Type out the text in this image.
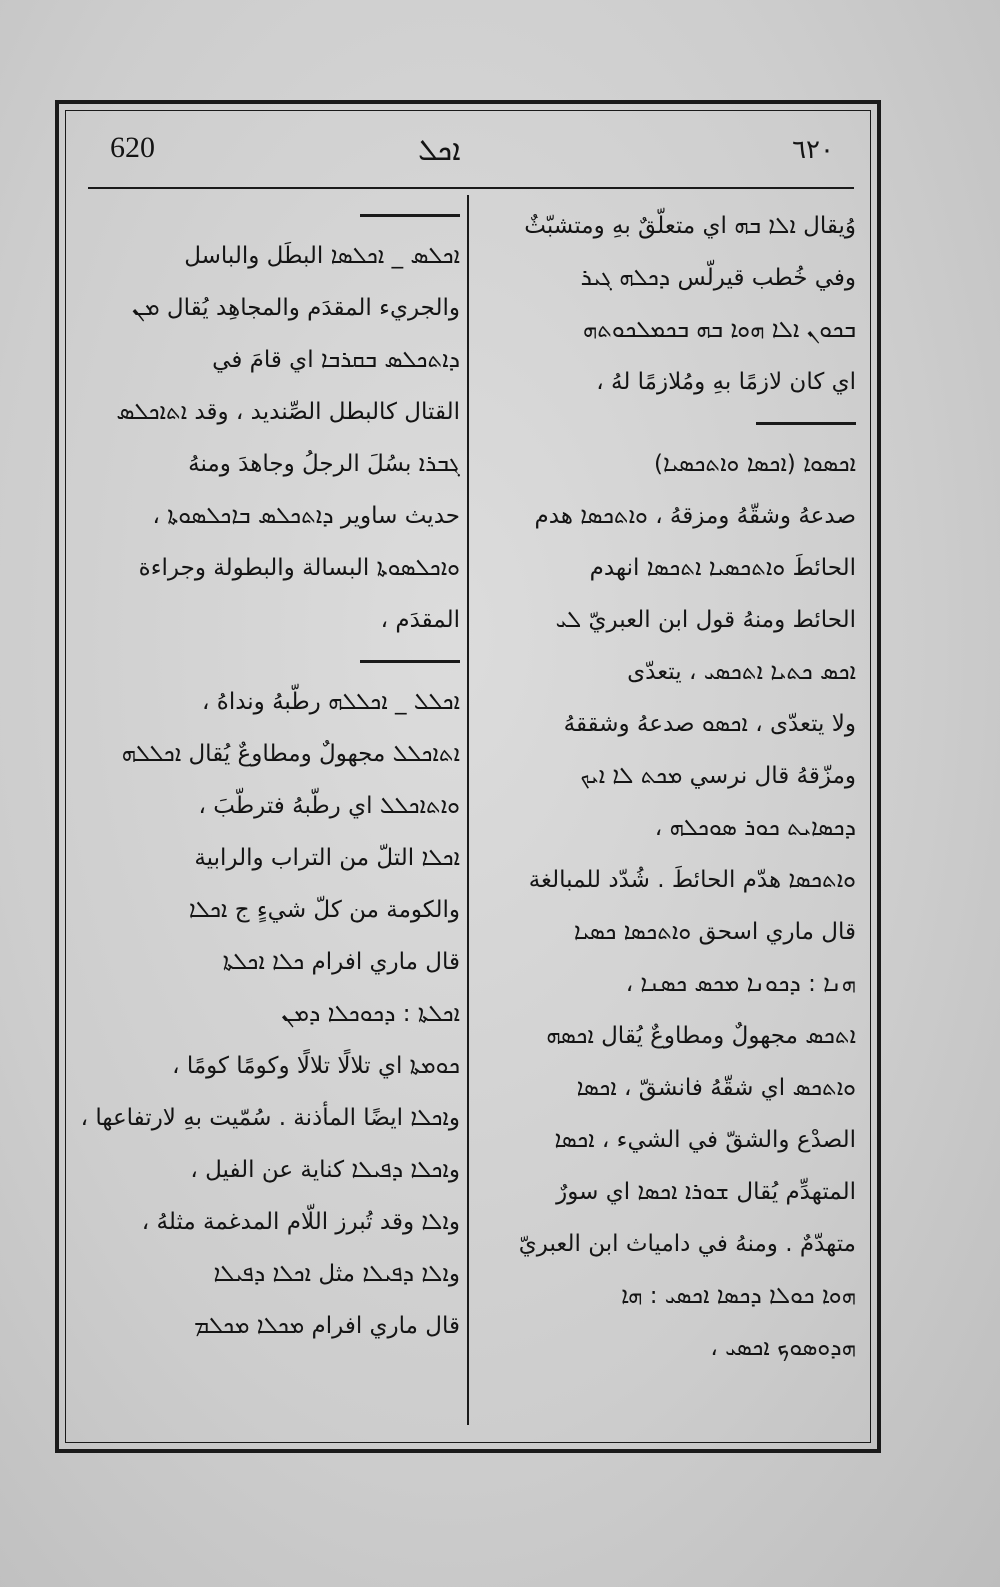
620	ܐܟܠ	٦٢٠
وُيقال ܐܠܐ ܒܗ اي متعلّقٌ بهِ ومتشبّثٌ
وفي خُطب قيرلّس ܕܟܠܗ ܓܝܪ
ܒܟܘܢ ܐܠܐ ܗܘܐ ܒܗ ܒܟܡܠܟܘܬܗ
اي كان لازمًا بهِ ومُلازمًا لهُ ،
ܐܟܣܘܐ (ܐܟܣܐ ܘܐܬܟܣܝܐ)
صدعهُ وشقّهُ ومزقهُ ، ܘܐܬܟܣܐ هدم
الحائطَ ܘܐܬܟܣܝܐ ܐܬܟܣܐ انهدم
الحائط ومنهُ قول ابن العبريّ ܠܝ
ܐܟܣ ܟܬܝܐ ܐܬܟܣܝ ، يتعدّى
ولا يتعدّى ، ܐܟܣܘ صدعهُ وشققهُ
ومزّقهُ قال نرسي ܡܟܬ ܠܐ ܐܝܟ
ܕܟܣܐܝܬ ܟܘܪ ܣܘܟܠܗ ،
ܘܐܬܟܣܐ هدّم الحائطَ . شُدّد للمبالغة
قال ماري اسحق ܘܐܬܟܣܐ ܟܣܝܐ
ܗܢܐ : ܕܟܘܢܐ ܡܟܣ ܟܣܢܐ ،
ܐܬܟܣ مجهولٌ ومطاوعٌ يُقال ܐܟܣܗ
ܘܐܬܟܣ اي شقّهُ فانشقّ ، ܐܟܣܐ
الصدْع والشقّ في الشيء ، ܐܟܣܐ
المتهدِّم يُقال ܫܘܪܐ ܐܟܣܐ اي سورٌ
متهدّمٌ . ومنهُ في دامياث ابن العبريّ
ܗܘܐ ܟܘܠܐ ܕܟܣܐ ܐܟܣܝ : ܗܐ
ܗܕܘܣܘܟ ܐܟܣܝ ،
ܐܟܠܣ _ ܐܟܠܣܐ البطَل والباسل
والجريء المقدَم والمجاهِد يُقال ܡܢ
ܕܐܬܟܠܣ ܒܩܪܒܐ اي قامَ في
القتال كالبطل الصِّنديد ، وقد ܐܬܐܟܠܣ
ܓܒܪܐ بسُلَ الرجلُ وجاهدَ ومنهُ
حديث ساوير ܕܐܬܟܠܣ ܒܐܟܠܣܘܬܐ ،
ܘܐܟܠܣܘܬܐ البسالة والبطولة وجراءة
المقدَم ،
ܐܟܠܠ _ ܐܟܠܠܗ رطّبهُ ونداهُ ،
ܐܬܐܟܠܠ مجهولٌ ومطاوعٌ يُقال ܐܟܠܠܗ
ܘܐܬܐܟܠܠ اي رطّبهُ فترطّبَ ،
ܐܟܠܐ التلّ من التراب والرابية
والكومة من كلّ شيءٍ ج ܐܟܠܐ
قال ماري افرام ܟܠܐ ܐܟܠܬܐ
ܐܟܠܬܐ : ܕܟܘܟܠܐ ܕܡܢ
ܟܘܡܬܐ اي تلالًا تلالًا وكومًا كومًا ،
وܐܟܠܐ ايضًا المأذنة . سُمّيت بهِ لارتفاعها ،
وܐܟܠܐ ܕܦܝܠܐ كناية عن الفيل ،
وܐܠܐ وقد تُبرز اللّام المدغمة مثلهُ ،
وܐܠܐ ܕܦܝܠܐ مثل ܐܟܠܐ ܕܦܝܠܐ
قال ماري افرام ܡܟܠܐ ܡܟܠܡ
